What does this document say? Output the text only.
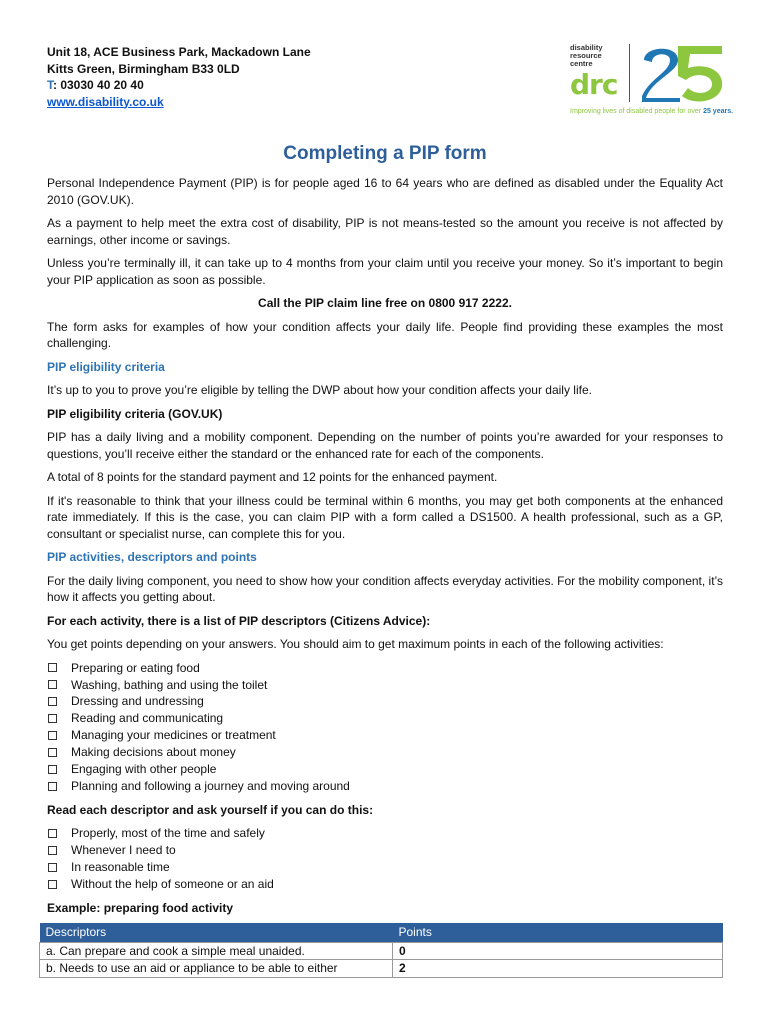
Unit 18, ACE Business Park, Mackadown Lane
Kitts Green, Birmingham B33 0LD
T: 03030 40 20 40
www.disability.co.uk
disability resource centre
drc
Improving lives of disabled people for over 25 years.
Completing a PIP form

Personal Independence Payment (PIP) is for people aged 16 to 64 years who are defined as disabled under the Equality Act 2010 (GOV.UK).

As a payment to help meet the extra cost of disability, PIP is not means-tested so the amount you receive is not affected by earnings, other income or savings.

Unless you’re terminally ill, it can take up to 4 months from your claim until you receive your money. So it’s important to begin your PIP application as soon as possible.

Call the PIP claim line free on 0800 917 2222.

The form asks for examples of how your condition affects your daily life. People find providing these examples the most challenging.

PIP eligibility criteria

It’s up to you to prove you’re eligible by telling the DWP about how your condition affects your daily life.

PIP eligibility criteria (GOV.UK)

PIP has a daily living and a mobility component. Depending on the number of points you’re awarded for your responses to questions, you’ll receive either the standard or the enhanced rate for each of the components.

A total of 8 points for the standard payment and 12 points for the enhanced payment.

If it's reasonable to think that your illness could be terminal within 6 months, you may get both components at the enhanced rate immediately. If this is the case, you can claim PIP with a form called a DS1500. A health professional, such as a GP, consultant or specialist nurse, can complete this for you.

PIP activities, descriptors and points

For the daily living component, you need to show how your condition affects everyday activities. For the mobility component, it’s how it affects you getting about.

For each activity, there is a list of PIP descriptors (Citizens Advice):

You get points depending on your answers. You should aim to get maximum points in each of the following activities:

Preparing or eating food
Washing, bathing and using the toilet
Dressing and undressing
Reading and communicating
Managing your medicines or treatment
Making decisions about money
Engaging with other people
Planning and following a journey and moving around

Read each descriptor and ask yourself if you can do this:

Properly, most of the time and safely
Whenever I need to
In reasonable time
Without the help of someone or an aid

Example: preparing food activity

Descriptors	Points
a. Can prepare and cook a simple meal unaided.	0
b. Needs to use an aid or appliance to be able to either	2
